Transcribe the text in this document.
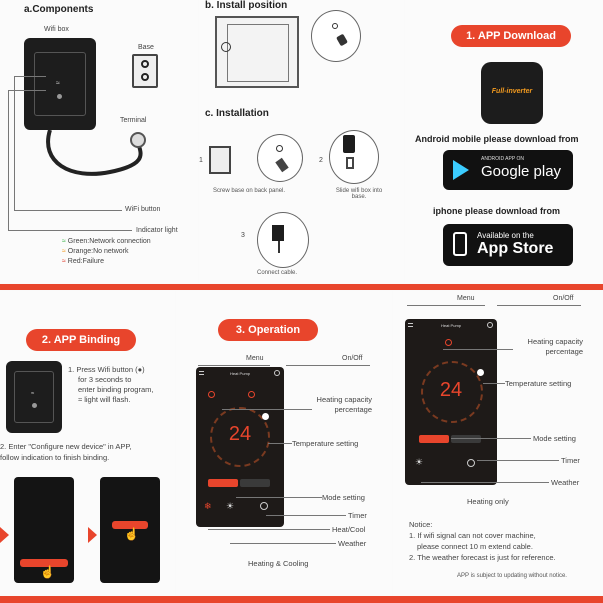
a.Components
Wifi box
≈
Base
Terminal
WiFi button
Indicator light
≈ Green:Network connection
≈ Orange:No network
≈ Red:Failure
b. Install position
c. Installation
1
Screw base on back panel.
2
Slide wifi box into base.
3
Connect cable.
1. APP Download
Full-inverter
Android mobile please download from
ANDROID APP ON
Google play
iphone please download from
Available on the
App Store
2. APP Binding
≈
1. Press Wifi button (●)
for 3 seconds to
enter binding program,
≈ light will flash.
2. Enter "Configure new device" in APP,
follow indication to finish binding.
☝
☝
3. Operation
Menu	On/Off
Heat Pump
24
❄ ☀
Heating capacity
percentage
Temperature setting
Mode setting
Timer
Heat/Cool
Weather
Heating & Cooling
Menu	On/Off
Heat Pump
24
☀
Heating capacity
percentage
Temperature setting
Mode setting
Timer
Weather
Heating only
Notice:
1. If wifi signal can not cover machine,
please connect 10 m extend cable.
2. The weather forecast is just for reference.
APP is subject to updating without notice.
